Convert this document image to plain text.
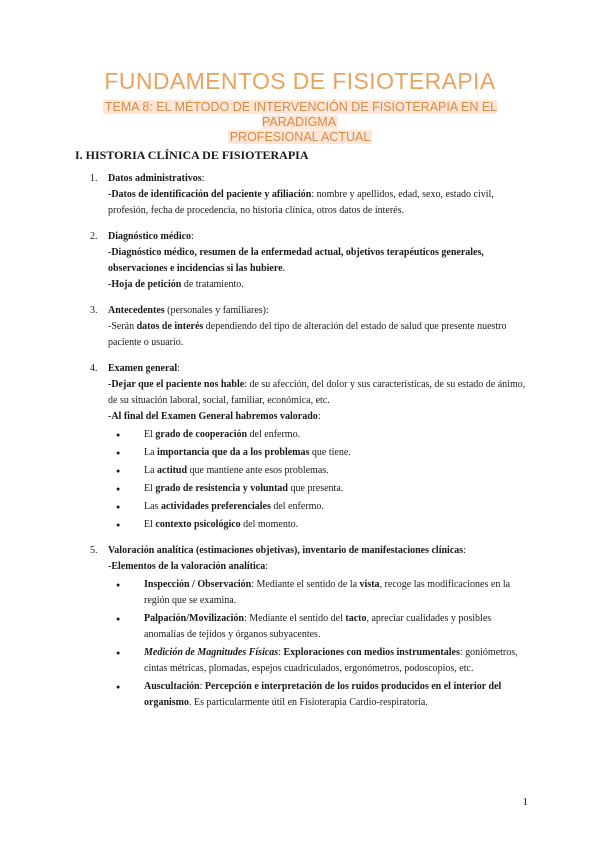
FUNDAMENTOS DE FISIOTERAPIA
TEMA 8: EL MÉTODO DE INTERVENCIÓN DE FISIOTERAPIA EN EL PARADIGMA
PROFESIONAL ACTUAL
I. HISTORIA CLÍNICA DE FISIOTERAPIA
1. Datos administrativos:

-Datos de identificación del paciente y afiliación: nombre y apellidos, edad, sexo, estado civil, profesión, fecha de procedencia, no historia clínica, otros datos de interés.

2. Diagnóstico médico:

-Diagnóstico médico, resumen de la enfermedad actual, objetivos terapéuticos generales, observaciones e incidencias si las hubiere.

-Hoja de petición de tratamiento.

3. Antecedentes (personales y familiares):

-Serán datos de interés dependiendo del tipo de alteración del estado de salud que presente nuestro paciente o usuario.

4. Examen general:

-Dejar que el paciente nos hable: de su afección, del dolor y sus características, de su estado de ánimo, de su situación laboral, social, familiar, económica, etc.

-Al final del Examen General habremos valorado:

● El grado de cooperación del enfermo.
● La importancia que da a los problemas que tiene.
● La actitud que mantiene ante esos problemas.
● El grado de resistencia y voluntad que presenta.
● Las actividades preferenciales del enfermo.
● El contexto psicológico del momento.
5. Valoración analítica (estimaciones objetivas), inventario de manifestaciones clínicas:

-Elementos de la valoración analítica:

● Inspección / Observación: Mediante el sentido de la vista, recoge las modificaciones en la región que se examina.
● Palpación/Movilización: Mediante el sentido del tacto, apreciar cualidades y posibles anomalías de tejidos y órganos subyacentes.
● Medición de Magnitudes Físicas: Exploraciones con medios instrumentales: goniómetros, cintas métricas, plomadas, espejos cuadriculados, ergonómetros, podoscopios, etc.
● Auscultación: Percepción e interpretación de los ruidos producidos en el interior del organismo. Es particularmente útil en Fisioterapia Cardio-respiratoria.
1
